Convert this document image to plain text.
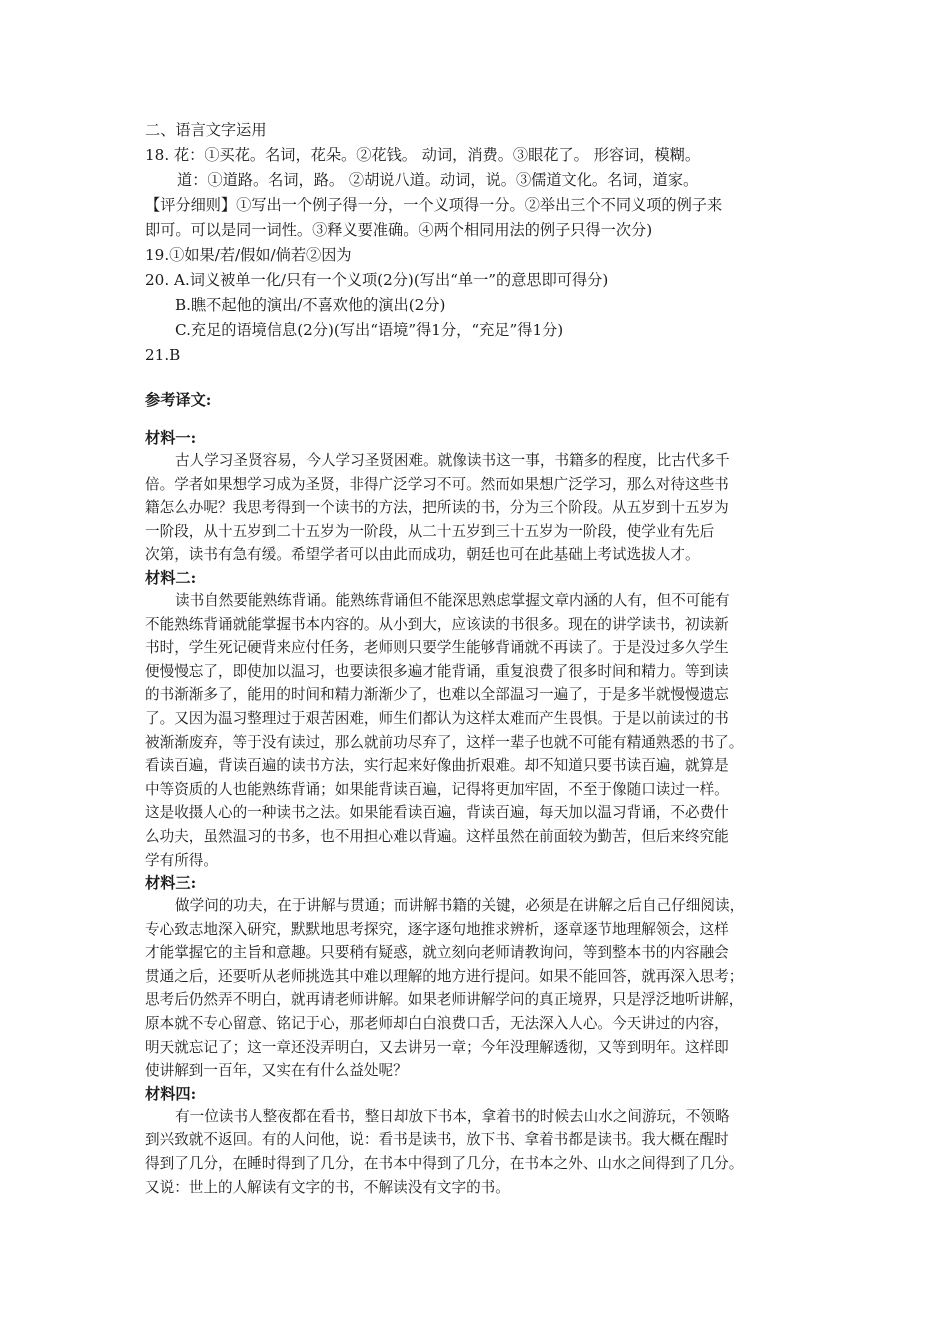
二、语言文字运用
18. 花：①买花。名词，花朵。②花钱。 动词，消费。③眼花了。 形容词，模糊。
道：①道路。名词，路。 ②胡说八道。动词，说。③儒道文化。名词，道家。
【评分细则】①写出一个例子得一分，一个义项得一分。②举出三个不同义项的例子来
即可。可以是同一词性。③释义要准确。④两个相同用法的例子只得一次分)
19.①如果/若/假如/倘若②因为
20. A.词义被单一化/只有一个义项(2分)(写出“单一”的意思即可得分)
B.瞧不起他的演出/不喜欢他的演出(2分)
C.充足的语境信息(2分)(写出“语境”得1分，“充足”得1分)
21.B
参考译文:
材料一:
古人学习圣贤容易，今人学习圣贤困难。就像读书这一事，书籍多的程度，比古代多千
倍。学者如果想学习成为圣贤，非得广泛学习不可。然而如果想广泛学习，那么对待这些书
籍怎么办呢？我思考得到一个读书的方法，把所读的书，分为三个阶段。从五岁到十五岁为
一阶段，从十五岁到二十五岁为一阶段，从二十五岁到三十五岁为一阶段，使学业有先后
次第，读书有急有缓。希望学者可以由此而成功，朝廷也可在此基础上考试选拔人才。
材料二:
读书自然要能熟练背诵。能熟练背诵但不能深思熟虑掌握文章内涵的人有，但不可能有
不能熟练背诵就能掌握书本内容的。从小到大，应该读的书很多。现在的讲学读书，初读新
书时，学生死记硬背来应付任务，老师则只要学生能够背诵就不再读了。于是没过多久学生
便慢慢忘了，即使加以温习，也要读很多遍才能背诵，重复浪费了很多时间和精力。等到读
的书渐渐多了，能用的时间和精力渐渐少了，也难以全部温习一遍了，于是多半就慢慢遗忘
了。又因为温习整理过于艰苦困难，师生们都认为这样太难而产生畏惧。于是以前读过的书
被渐渐废弃，等于没有读过，那么就前功尽弃了，这样一辈子也就不可能有精通熟悉的书了。
看读百遍，背读百遍的读书方法，实行起来好像曲折艰难。却不知道只要书读百遍，就算是
中等资质的人也能熟练背诵；如果能背读百遍，记得将更加牢固，不至于像随口读过一样。
这是收摄人心的一种读书之法。如果能看读百遍，背读百遍，每天加以温习背诵，不必费什
么功夫，虽然温习的书多，也不用担心难以背遍。这样虽然在前面较为勤苦，但后来终究能
学有所得。
材料三:
做学问的功夫，在于讲解与贯通；而讲解书籍的关键，必须是在讲解之后自己仔细阅读，
专心致志地深入研究，默默地思考探究，逐字逐句地推求辨析，逐章逐节地理解领会，这样
才能掌握它的主旨和意趣。只要稍有疑惑，就立刻向老师请教询问，等到整本书的内容融会
贯通之后，还要听从老师挑选其中难以理解的地方进行提问。如果不能回答，就再深入思考；
思考后仍然弄不明白，就再请老师讲解。如果老师讲解学问的真正境界，只是浮泛地听讲解，
原本就不专心留意、铭记于心，那老师却白白浪费口舌，无法深入人心。今天讲过的内容，
明天就忘记了；这一章还没弄明白，又去讲另一章；今年没理解透彻，又等到明年。这样即
使讲解到一百年，又实在有什么益处呢？
材料四:
有一位读书人整夜都在看书，整日却放下书本，拿着书的时候去山水之间游玩，不领略
到兴致就不返回。有的人问他，说：看书是读书，放下书、拿着书都是读书。我大概在醒时
得到了几分，在睡时得到了几分，在书本中得到了几分，在书本之外、山水之间得到了几分。
又说：世上的人解读有文字的书，不解读没有文字的书。
